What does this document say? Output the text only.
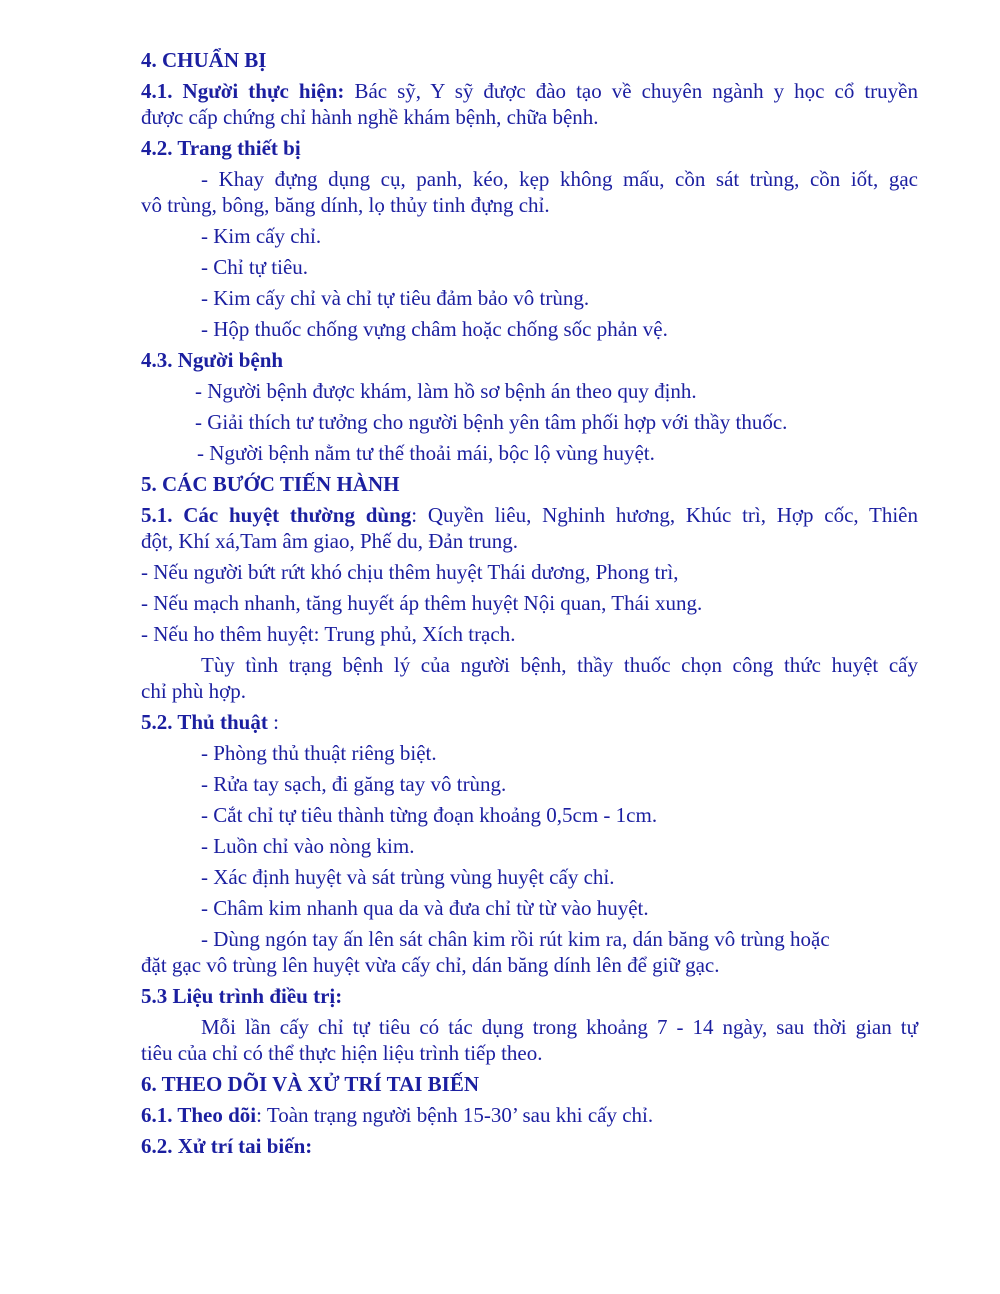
4. CHUẨN BỊ
4.1. Người thực hiện: Bác sỹ, Y sỹ được đào tạo về chuyên ngành y học cổ truyền
được cấp chứng chỉ hành nghề khám bệnh, chữa bệnh.
4.2. Trang thiết bị
- Khay đựng dụng cụ, panh, kéo, kẹp không mấu, cồn sát trùng, cồn iốt, gạc
vô trùng, bông, băng dính, lọ thủy tinh đựng chỉ.
- Kim cấy chỉ.
- Chỉ tự tiêu.
- Kim cấy chỉ và chỉ tự tiêu đảm bảo vô trùng.
- Hộp thuốc chống vựng châm hoặc chống sốc phản vệ.
4.3. Người bệnh
- Người bệnh được khám, làm hồ sơ bệnh án theo quy định.
- Giải thích tư tưởng cho người bệnh yên tâm phối hợp với thầy thuốc.
- Người bệnh nằm tư thế thoải mái, bộc lộ vùng huyệt.
5. CÁC BƯỚC TIẾN HÀNH
5.1. Các huyệt thường dùng: Quyền liêu, Nghinh hương, Khúc trì, Hợp cốc, Thiên
đột, Khí xá,Tam âm giao, Phế du, Đản trung.
- Nếu người bứt rứt khó chịu thêm huyệt Thái dương, Phong trì,
- Nếu mạch nhanh, tăng huyết áp thêm huyệt Nội quan, Thái xung.
- Nếu ho thêm huyệt: Trung phủ, Xích trạch.
Tùy tình trạng bệnh lý của người bệnh, thầy thuốc chọn công thức huyệt cấy
chỉ phù hợp.
5.2. Thủ thuật :
- Phòng thủ thuật riêng biệt.
- Rửa tay sạch, đi găng tay vô trùng.
- Cắt chỉ tự tiêu thành từng đoạn khoảng 0,5cm - 1cm.
- Luồn chỉ vào nòng kim.
- Xác định huyệt và sát trùng vùng huyệt cấy chỉ.
- Châm kim nhanh qua da và đưa chỉ từ từ vào huyệt.
- Dùng ngón tay ấn lên sát chân kim rồi rút kim ra, dán băng vô trùng hoặc
đặt gạc vô trùng lên huyệt vừa cấy chỉ, dán băng dính lên để giữ gạc.
5.3 Liệu trình điều trị:
Mỗi lần cấy chỉ tự tiêu có tác dụng trong khoảng 7 - 14 ngày, sau thời gian tự
tiêu của chỉ có thể thực hiện liệu trình tiếp theo.
6. THEO DÕI VÀ XỬ TRÍ TAI BIẾN
6.1. Theo dõi: Toàn trạng người bệnh 15-30’ sau khi cấy chỉ.
6.2. Xử trí tai biến:
